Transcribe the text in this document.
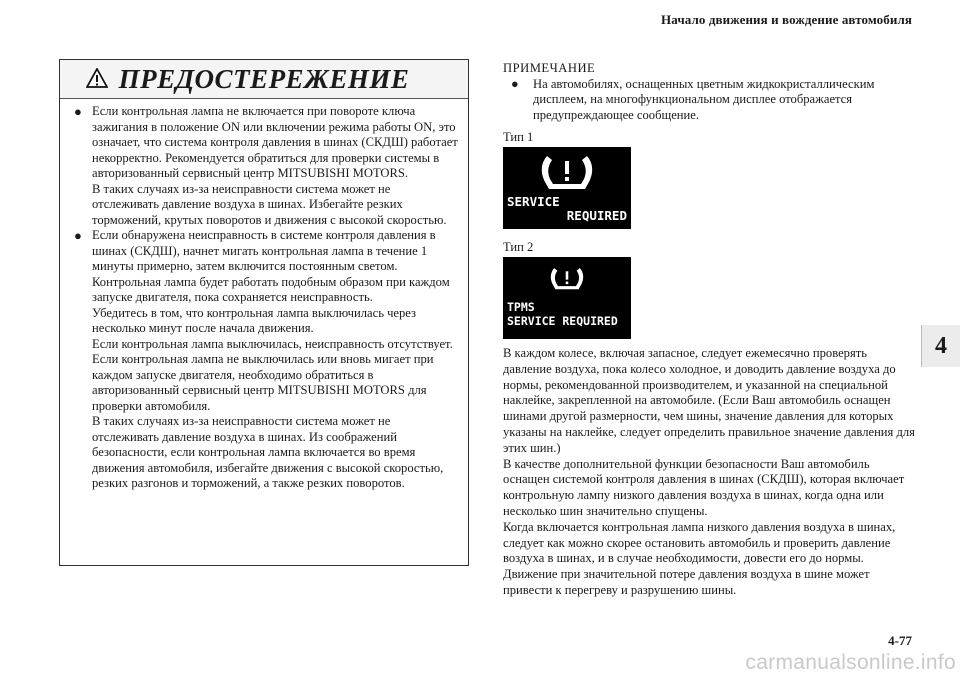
Начало движения и вождение автомобиля
4
ПРЕДОСТЕРЕЖЕНИЕ
● Если контрольная лампа не включается при повороте ключа зажигания в положение ON или включении режима работы ON, это означает, что система контроля давления в шинах (СКДШ) работает некорректно. Рекомендуется обратиться для проверки системы в авторизованный сервисный центр MITSUBISHI MOTORS.

В таких случаях из-за неисправности система может не отслеживать давление воздуха в шинах. Избегайте резких торможений, крутых поворотов и движения с высокой скоростью.

● Если обнаружена неисправность в системе контроля давления в шинах (СКДШ), начнет мигать контрольная лампа в течение 1 минуты примерно, затем включится постоянным светом. Контрольная лампа будет работать подобным образом при каждом запуске двигателя, пока сохраняется неисправность.

Убедитесь в том, что контрольная лампа выключилась через несколько минут после начала движения.

Если контрольная лампа выключилась, неисправность отсутствует.

Если контрольная лампа не выключилась или вновь мигает при каждом запуске двигателя, необходимо обратиться в авторизованный сервисный центр MITSUBISHI MOTORS для проверки автомобиля.

В таких случаях из-за неисправности система может не отслеживать давление воздуха в шинах. Из соображений безопасности, если контрольная лампа включается во время движения автомобиля, избегайте движения с высокой скоростью, резких разгонов и торможений, а также резких поворотов.

ПРИМЕЧАНИЕ

●	На автомобилях, оснащенных цветным жидкокристаллическим дисплеем, на многофункциональном дисплее отображается предупреждающее сообщение.
Тип 1
SERVICE
REQUIRED
Тип 2
TPMS
SERVICE REQUIRED

В каждом колесе, включая запасное, следует ежемесячно проверять давление воздуха, пока колесо холодное, и доводить давление воздуха до нормы, рекомендованной производителем, и указанной на специальной наклейке, закрепленной на автомобиле. (Если Ваш автомобиль оснащен шинами другой размерности, чем шины, значение давления для которых указаны на наклейке, следует определить правильное значение давления для этих шин.)

В качестве дополнительной функции безопасности Ваш автомобиль оснащен системой контроля давления в шинах (СКДШ), которая включает контрольную лампу низкого давления воздуха в шинах, когда одна или несколько шин значительно спущены.

Когда включается контрольная лампа низкого давления воздуха в шинах, следует как можно скорее остановить автомобиль и проверить давление воздуха в шинах, и в случае необходимости, довести его до нормы. Движение при значительной потере давления воздуха в шине может привести к перегреву и разрушению шины.

4-77
carmanualsonline.info
